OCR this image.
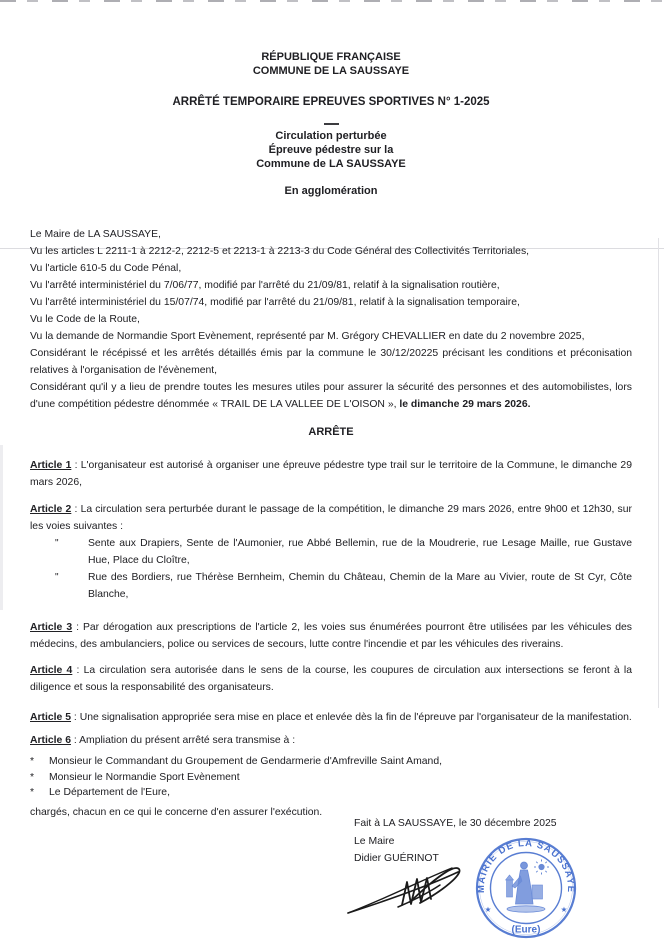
RÉPUBLIQUE FRANÇAISE
COMMUNE DE LA SAUSSAYE
ARRÊTÉ TEMPORAIRE EPREUVES SPORTIVES N° 1-2025
Circulation perturbée
Épreuve pédestre sur la
Commune de LA SAUSSAYE
En agglomération

Le Maire de LA SAUSSAYE,

Vu les articles L 2211-1 à 2212-2, 2212-5 et 2213-1 à 2213-3 du Code Général des Collectivités Territoriales,

Vu l'article 610-5 du Code Pénal,

Vu l'arrêté interministériel du 7/06/77, modifié par l'arrêté du 21/09/81, relatif à la signalisation routière,

Vu l'arrêté interministériel du 15/07/74, modifié par l'arrêté du 21/09/81, relatif à la signalisation temporaire,

Vu le Code de la Route,

Vu la demande de Normandie Sport Evènement, représenté par M. Grégory CHEVALLIER en date du 2 novembre 2025,

Considérant le récépissé et les arrêtés détaillés émis par la commune le 30/12/20225 précisant les conditions et préconisation relatives à l'organisation de l'évènement,

Considérant qu'il y a lieu de prendre toutes les mesures utiles pour assurer la sécurité des personnes et des automobilistes, lors d'une compétition pédestre dénommée « TRAIL DE LA VALLEE DE L'OISON », le dimanche 29 mars 2026.

ARRÊTE

Article 1 : L'organisateur est autorisé à organiser une épreuve pédestre type trail sur le territoire de la Commune, le dimanche 29 mars 2026,

Article 2 : La circulation sera perturbée durant le passage de la compétition, le dimanche 29 mars 2026, entre 9h00 et 12h30, sur les voies suivantes :

"	Sente aux Drapiers, Sente de l'Aumonier, rue Abbé Bellemin, rue de la Moudrerie, rue Lesage Maille, rue Gustave Hue, Place du Cloître,
"	Rue des Bordiers, rue Thérèse Bernheim, Chemin du Château, Chemin de la Mare au Vivier, route de St Cyr, Côte Blanche,

Article 3 : Par dérogation aux prescriptions de l'article 2, les voies sus énumérées pourront être utilisées par les véhicules des médecins, des ambulanciers, police ou services de secours, lutte contre l'incendie et par les véhicules des riverains.

Article 4 : La circulation sera autorisée dans le sens de la course, les coupures de circulation aux intersections se feront à la diligence et sous la responsabilité des organisateurs.

Article 5 : Une signalisation appropriée sera mise en place et enlevée dès la fin de l'épreuve par l'organisateur de la manifestation.

Article 6 : Ampliation du présent arrêté sera transmise à :

*	Monsieur le Commandant du Groupement de Gendarmerie d'Amfreville Saint Amand,
*	Monsieur le Normandie Sport Evènement
*	Le Département de l'Eure,

chargés, chacun en ce qui le concerne d'en assurer l'exécution.

Fait à LA SAUSSAYE, le 30 décembre 2025
Le Maire
Didier GUÉRINOT
MAIRIE DE LA SAUSSAYE
(Eure)
★	★
